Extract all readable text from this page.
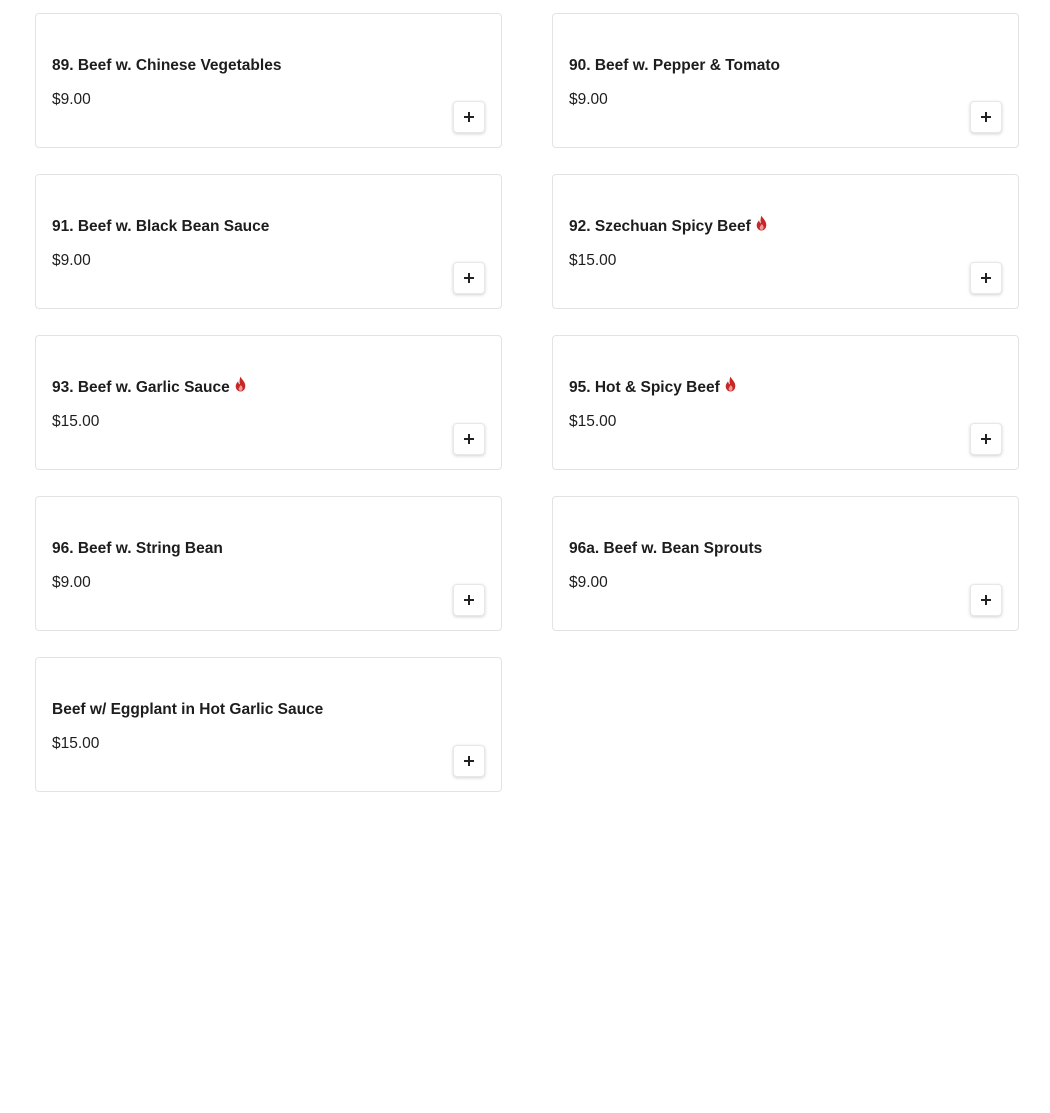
89. Beef w. Chinese Vegetables
$9.00
90. Beef w. Pepper & Tomato
$9.00
91. Beef w. Black Bean Sauce
$9.00
92. Szechuan Spicy Beef
$15.00
93. Beef w. Garlic Sauce
$15.00
95. Hot & Spicy Beef
$15.00
96. Beef w. String Bean
$9.00
96a. Beef w. Bean Sprouts
$9.00
Beef w/ Eggplant in Hot Garlic Sauce
$15.00
